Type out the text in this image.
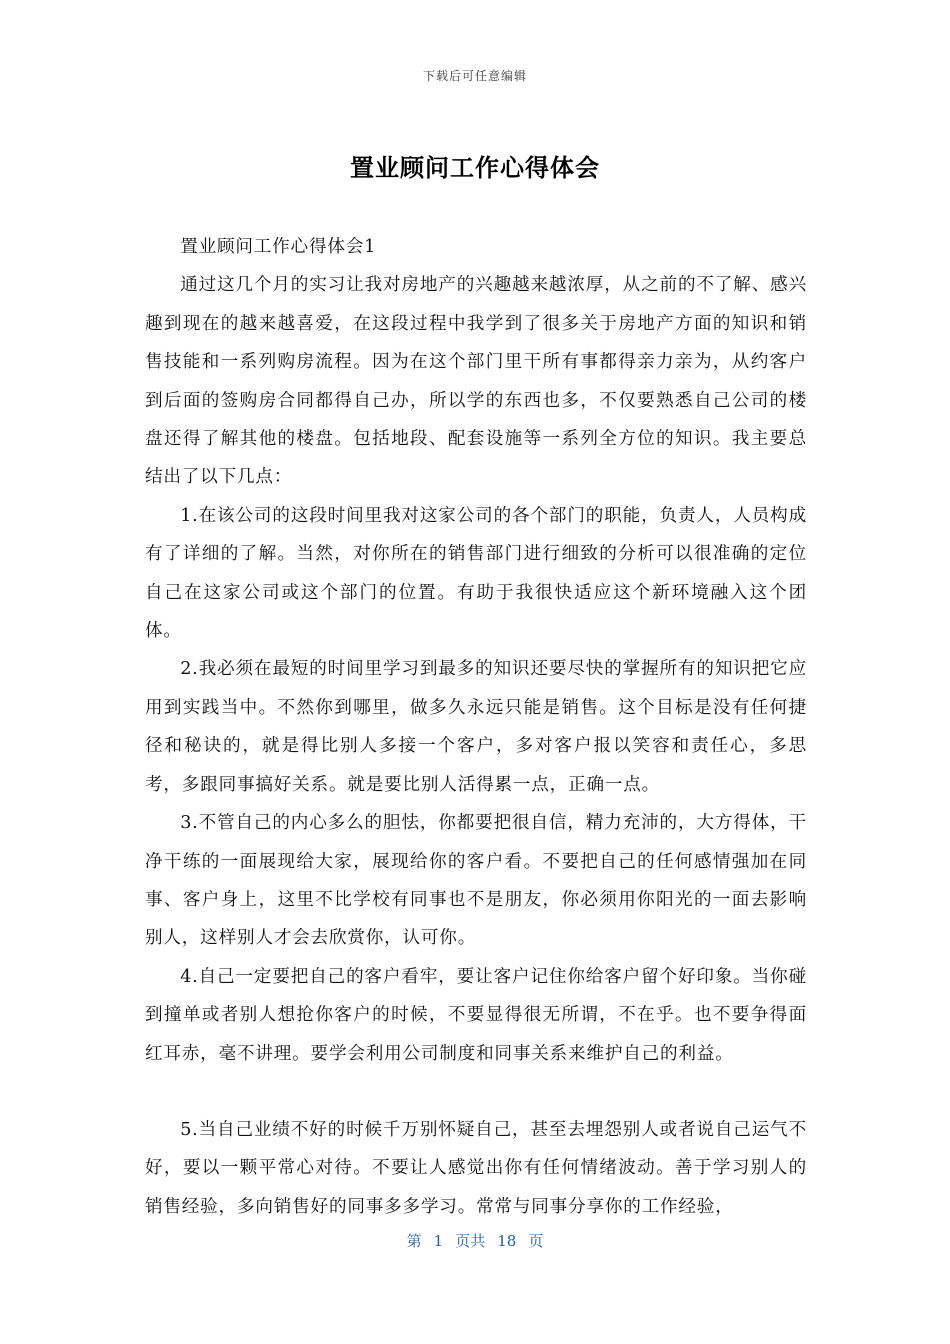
下载后可任意编辑
置业顾问工作心得体会

置业顾问工作心得体会1

通过这几个月的实习让我对房地产的兴趣越来越浓厚，从之前的不了解、感兴趣到现在的越来越喜爱，在这段过程中我学到了很多关于房地产方面的知识和销售技能和一系列购房流程。因为在这个部门里干所有事都得亲力亲为，从约客户到后面的签购房合同都得自己办，所以学的东西也多，不仅要熟悉自己公司的楼盘还得了解其他的楼盘。包括地段、配套设施等一系列全方位的知识。我主要总结出了以下几点：

1.在该公司的这段时间里我对这家公司的各个部门的职能，负责人，人员构成有了详细的了解。当然，对你所在的销售部门进行细致的分析可以很准确的定位自己在这家公司或这个部门的位置。有助于我很快适应这个新环境融入这个团体。

2.我必须在最短的时间里学习到最多的知识还要尽快的掌握所有的知识把它应用到实践当中。不然你到哪里，做多久永远只能是销售。这个目标是没有任何捷径和秘诀的，就是得比别人多接一个客户，多对客户报以笑容和责任心，多思考，多跟同事搞好关系。就是要比别人活得累一点，正确一点。

3.不管自己的内心多么的胆怯，你都要把很自信，精力充沛的，大方得体，干净干练的一面展现给大家，展现给你的客户看。不要把自己的任何感情强加在同事、客户身上，这里不比学校有同事也不是朋友，你必须用你阳光的一面去影响别人，这样别人才会去欣赏你，认可你。

4.自己一定要把自己的客户看牢，要让客户记住你给客户留个好印象。当你碰到撞单或者别人想抢你客户的时候，不要显得很无所谓，不在乎。也不要争得面红耳赤，毫不讲理。要学会利用公司制度和同事关系来维护自己的利益。

5.当自己业绩不好的时候千万别怀疑自己，甚至去埋怨别人或者说自己运气不好，要以一颗平常心对待。不要让人感觉出你有任何情绪波动。善于学习别人的销售经验，多向销售好的同事多多学习。常常与同事分享你的工作经验，

第 1 页共 18 页
